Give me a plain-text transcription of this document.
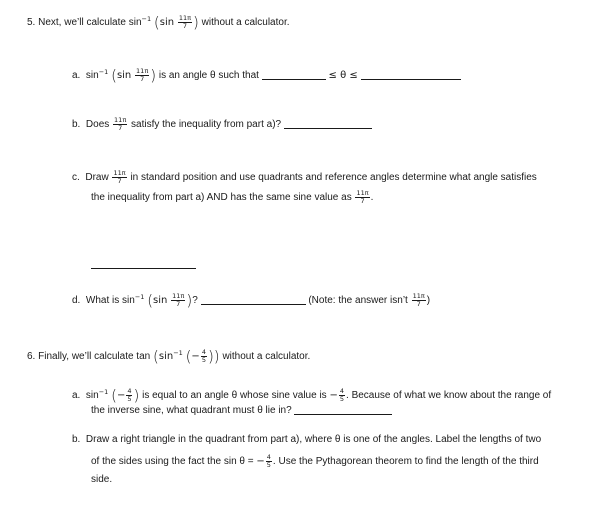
5. Next, we’ll calculate $\sin^{-1} (\sin \frac{11\pi}{7}$ ) without a calculator.
a. $\sin^{-1} (\sin \frac{11\pi}{7}$ ) is an angle θ such that	≤ θ ≤
b. Does $\frac{11\pi}{7}$ satisfy the inequality from part a)?
c. Draw $\frac{11\pi}{7}$ in standard position and use quadrants and reference angles determine what angle satisfies
the inequality from part a) AND has the same sine value as $\frac{11\pi}{7}$ .
d. What is $\sin^{-1} (\sin \frac{11\pi}{7}$ )?	(Note: the answer isn’t $\frac{11\pi}{7}$ )
6. Finally, we’ll calculate $\tan (\sin^{-1}$ (− $\frac{4}{5}$ )) without a calculator.
a. $\sin^{-1}$ (− $\frac{4}{5}$ ) is equal to an angle θ whose sine value is − $\frac{4}{5}$ . Because of what we know about the range of
the inverse sine, what quadrant must θ lie in?
b. Draw a right triangle in the quadrant from part a), where θ is one of the angles. Label the lengths of two
of the sides using the fact the sin θ = − $\frac{4}{5}$ . Use the Pythagorean theorem to find the length of the third
side.
